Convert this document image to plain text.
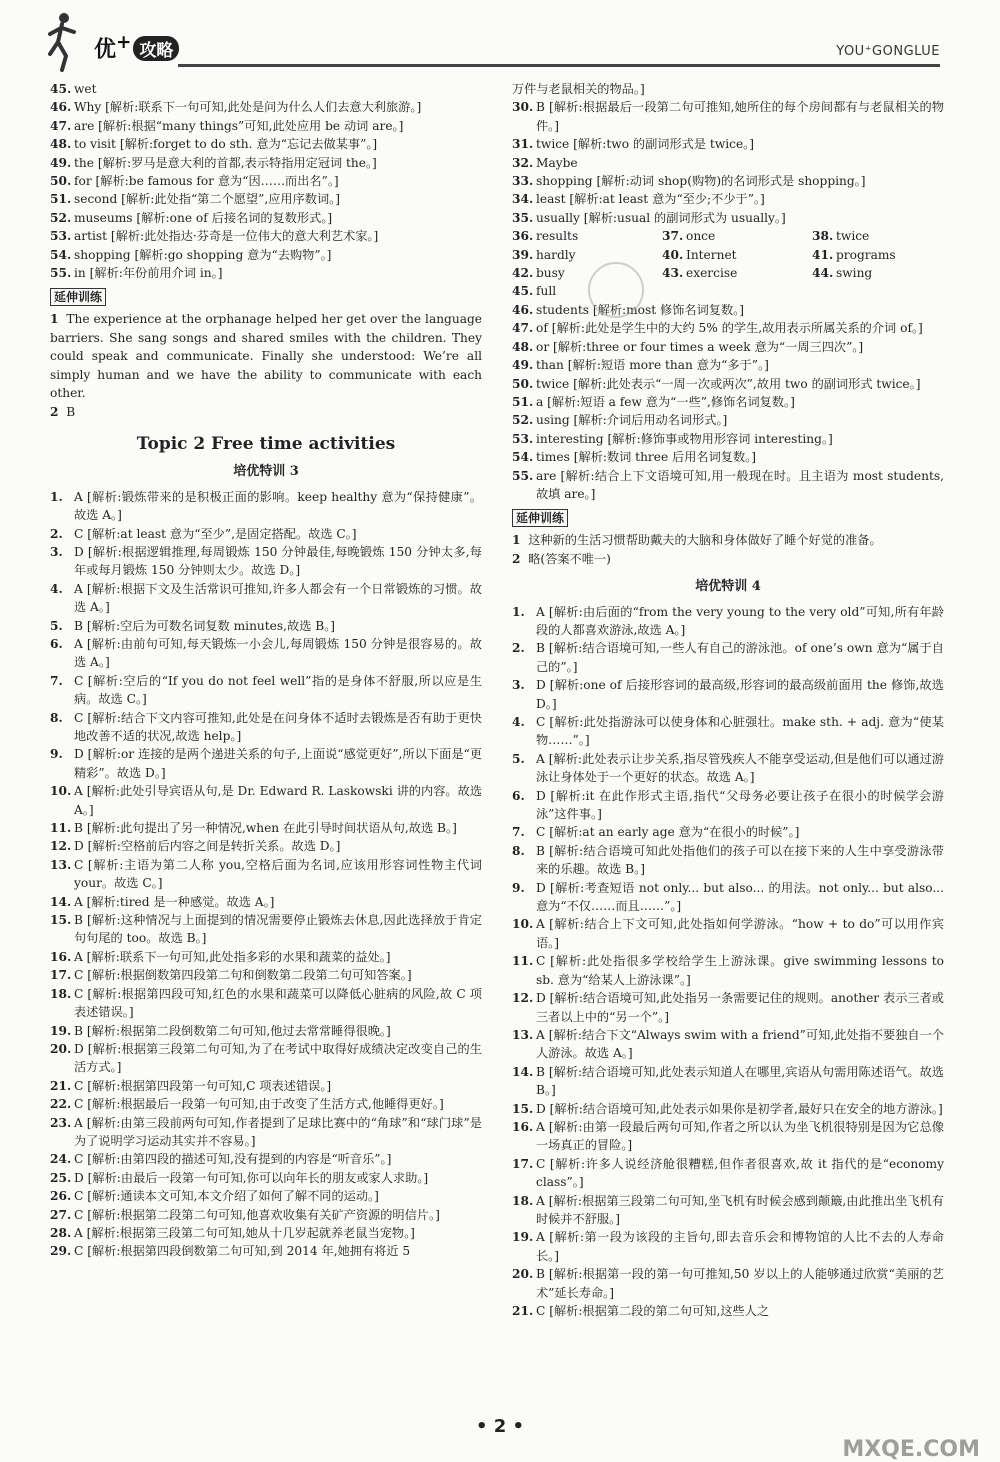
优+ 攻略	YOU⁺GONGLUE
45. wet
46. Why [解析:联系下一句可知,此处是问为什么人们去意大利旅游。]
47. are [解析:根据“many things”可知,此处应用 be 动词 are。]
48. to visit [解析:forget to do sth. 意为“忘记去做某事”。]
49. the [解析:罗马是意大利的首都,表示特指用定冠词 the。]
50. for [解析:be famous for 意为“因……而出名”。]
51. second [解析:此处指“第二个愿望”,应用序数词。]
52. museums [解析:one of 后接名词的复数形式。]
53. artist [解析:此处指达·芬奇是一位伟大的意大利艺术家。]
54. shopping [解析:go shopping 意为“去购物”。]
55. in [解析:年份前用介词 in。]
延伸训练
1 The experience at the orphanage helped her get over the language barriers. She sang songs and shared smiles with the children. They could speak and communicate. Finally she understood: We’re all simply human and we have the ability to communicate with each other.
2 B
Topic 2 Free time activities
培优特训 3
1. A [解析:锻炼带来的是积极正面的影响。keep healthy 意为“保持健康”。故选 A。]
2. C [解析:at least 意为“至少”,是固定搭配。故选 C。]
3. D [解析:根据逻辑推理,每周锻炼 150 分钟最佳,每晚锻炼 150 分钟太多,每年或每月锻炼 150 分钟则太少。故选 D。]
4. A [解析:根据下文及生活常识可推知,许多人都会有一个日常锻炼的习惯。故选 A。]
5. B [解析:空后为可数名词复数 minutes,故选 B。]
6. A [解析:由前句可知,每天锻炼一小会儿,每周锻炼 150 分钟是很容易的。故选 A。]
7. C [解析:空后的“If you do not feel well”指的是身体不舒服,所以应是生病。故选 C。]
8. C [解析:结合下文内容可推知,此处是在问身体不适时去锻炼是否有助于更快地改善不适的状况,故选 help。]
9. D [解析:or 连接的是两个递进关系的句子,上面说“感觉更好”,所以下面是“更精彩”。故选 D。]
10. A [解析:此处引导宾语从句,是 Dr. Edward R. Laskowski 讲的内容。故选 A。]
11. B [解析:此句提出了另一种情况,when 在此引导时间状语从句,故选 B。]
12. D [解析:空格前后内容之间是转折关系。故选 D。]
13. C [解析:主语为第二人称 you,空格后面为名词,应该用形容词性物主代词 your。故选 C。]
14. A [解析:tired 是一种感觉。故选 A。]
15. B [解析:这种情况与上面提到的情况需要停止锻炼去休息,因此选择放于肯定句句尾的 too。故选 B。]
16. A [解析:联系下一句可知,此处指多彩的水果和蔬菜的益处。]
17. C [解析:根据倒数第四段第二句和倒数第二段第二句可知答案。]
18. C [解析:根据第四段可知,红色的水果和蔬菜可以降低心脏病的风险,故 C 项表述错误。]
19. B [解析:根据第二段倒数第二句可知,他过去常常睡得很晚。]
20. D [解析:根据第三段第二句可知,为了在考试中取得好成绩决定改变自己的生活方式。]
21. C [解析:根据第四段第一句可知,C 项表述错误。]
22. C [解析:根据最后一段第一句可知,由于改变了生活方式,他睡得更好。]
23. A [解析:由第三段前两句可知,作者提到了足球比赛中的“角球”和“球门球”是为了说明学习运动其实并不容易。]
24. C [解析:由第四段的描述可知,没有提到的内容是“听音乐”。]
25. D [解析:由最后一段第一句可知,你可以向年长的朋友或家人求助。]
26. C [解析:通读本文可知,本文介绍了如何了解不同的运动。]
27. C [解析:根据第二段第二句可知,他喜欢收集有关矿产资源的明信片。]
28. A [解析:根据第三段第二句可知,她从十几岁起就养老鼠当宠物。]
29. C [解析:根据第四段倒数第二句可知,到 2014 年,她拥有将近 5
万件与老鼠相关的物品。]
30. B [解析:根据最后一段第二句可推知,她所住的每个房间都有与老鼠相关的物件。]
31. twice [解析:two 的副词形式是 twice。]
32. Maybe
33. shopping [解析:动词 shop(购物)的名词形式是 shopping。]
34. least [解析:at least 意为“至少;不少于”。]
35. usually [解析:usual 的副词形式为 usually。]
36. results	37. once	38. twice
39. hardly	40. Internet	41. programs
42. busy	43. exercise	44. swing
45. full
46. students [解析:most 修饰名词复数。]
47. of [解析:此处是学生中的大约 5% 的学生,故用表示所属关系的介词 of。]
48. or [解析:three or four times a week 意为“一周三四次”。]
49. than [解析:短语 more than 意为“多于”。]
50. twice [解析:此处表示“一周一次或两次”,故用 two 的副词形式 twice。]
51. a [解析:短语 a few 意为“一些”,修饰名词复数。]
52. using [解析:介词后用动名词形式。]
53. interesting [解析:修饰事或物用形容词 interesting。]
54. times [解析:数词 three 后用名词复数。]
55. are [解析:结合上下文语境可知,用一般现在时。且主语为 most students,故填 are。]
延伸训练
1 这种新的生活习惯帮助戴夫的大脑和身体做好了睡个好觉的准备。
2 略(答案不唯一)
培优特训 4
1. A [解析:由后面的“from the very young to the very old”可知,所有年龄段的人都喜欢游泳,故选 A。]
2. B [解析:结合语境可知,一些人有自己的游泳池。of one’s own 意为“属于自己的”。]
3. D [解析:one of 后接形容词的最高级,形容词的最高级前面用 the 修饰,故选 D。]
4. C [解析:此处指游泳可以使身体和心脏强壮。make sth. + adj. 意为“使某物……”。]
5. A [解析:此处表示让步关系,指尽管残疾人不能享受运动,但是他们可以通过游泳让身体处于一个更好的状态。故选 A。]
6. D [解析:it 在此作形式主语,指代“父母务必要让孩子在很小的时候学会游泳”这件事。]
7. C [解析:at an early age 意为“在很小的时候”。]
8. B [解析:结合语境可知此处指他们的孩子可以在接下来的人生中享受游泳带来的乐趣。故选 B。]
9. D [解析:考查短语 not only... but also... 的用法。not only... but also... 意为“不仅……而且……”。]
10. A [解析:结合上下文可知,此处指如何学游泳。“how + to do”可以用作宾语。]
11. C [解析:此处指很多学校给学生上游泳课。give swimming lessons to sb. 意为“给某人上游泳课”。]
12. D [解析:结合语境可知,此处指另一条需要记住的规则。another 表示三者或三者以上中的“另一个”。]
13. A [解析:结合下文“Always swim with a friend”可知,此处指不要独自一个人游泳。故选 A。]
14. B [解析:结合语境可知,此处表示知道人在哪里,宾语从句需用陈述语气。故选 B。]
15. D [解析:结合语境可知,此处表示如果你是初学者,最好只在安全的地方游泳。]
16. A [解析:由第一段最后两句可知,作者之所以认为坐飞机很特别是因为它总像一场真正的冒险。]
17. C [解析:许多人说经济舱很糟糕,但作者很喜欢,故 it 指代的是“economy class”。]
18. A [解析:根据第三段第二句可知,坐飞机有时候会感到颠簸,由此推出坐飞机有时候并不舒服。]
19. A [解析:第一段为该段的主旨句,即去音乐会和博物馆的人比不去的人寿命长。]
20. B [解析:根据第一段的第一句可推知,50 岁以上的人能够通过欣赏“美丽的艺术”延长寿命。]
21. C [解析:根据第二段的第二句可知,这些人之
• 2 •
MXQE.COM
